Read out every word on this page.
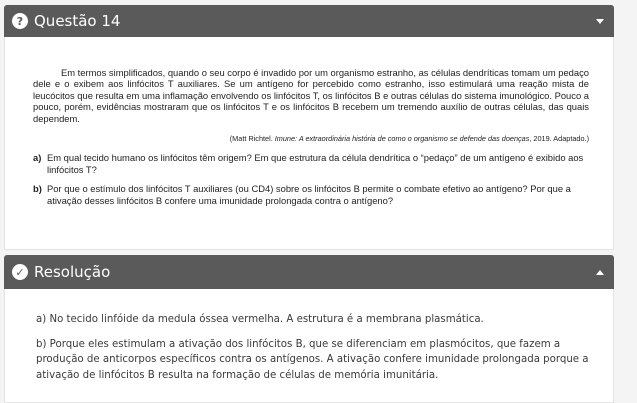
? Questão 14

Em termos simplificados, quando o seu corpo é invadido por um organismo estranho, as células dendríticas tomam um pedaço dele e o exibem aos linfócitos T auxiliares. Se um antígeno for percebido como estranho, isso estimulará uma reação mista de leucócitos que resulta em uma inflamação envolvendo os linfócitos T, os linfócitos B e outras células do sistema imunológico. Pouco a pouco, porém, evidências mostraram que os linfócitos T e os linfócitos B recebem um tremendo auxílio de outras células, das quais dependem.

(Matt Richtel. Imune: A extraordinária história de como o organismo se defende das doenças, 2019. Adaptado.)

a) Em qual tecido humano os linfócitos têm origem? Em que estrutura da célula dendrítica o “pedaço” de um antígeno é exibido aos linfócitos T?
b) Por que o estímulo dos linfócitos T auxiliares (ou CD4) sobre os linfócitos B permite o combate efetivo ao antígeno? Por que a ativação desses linfócitos B confere uma imunidade prolongada contra o antígeno?
✓ Resolução

a) No tecido linfóide da medula óssea vermelha. A estrutura é a membrana plasmática.

b) Porque eles estimulam a ativação dos linfócitos B, que se diferenciam em plasmócitos, que fazem a produção de anticorpos específicos contra os antígenos. A ativação confere imunidade prolongada porque a ativação de linfócitos B resulta na formação de células de memória imunitária.
